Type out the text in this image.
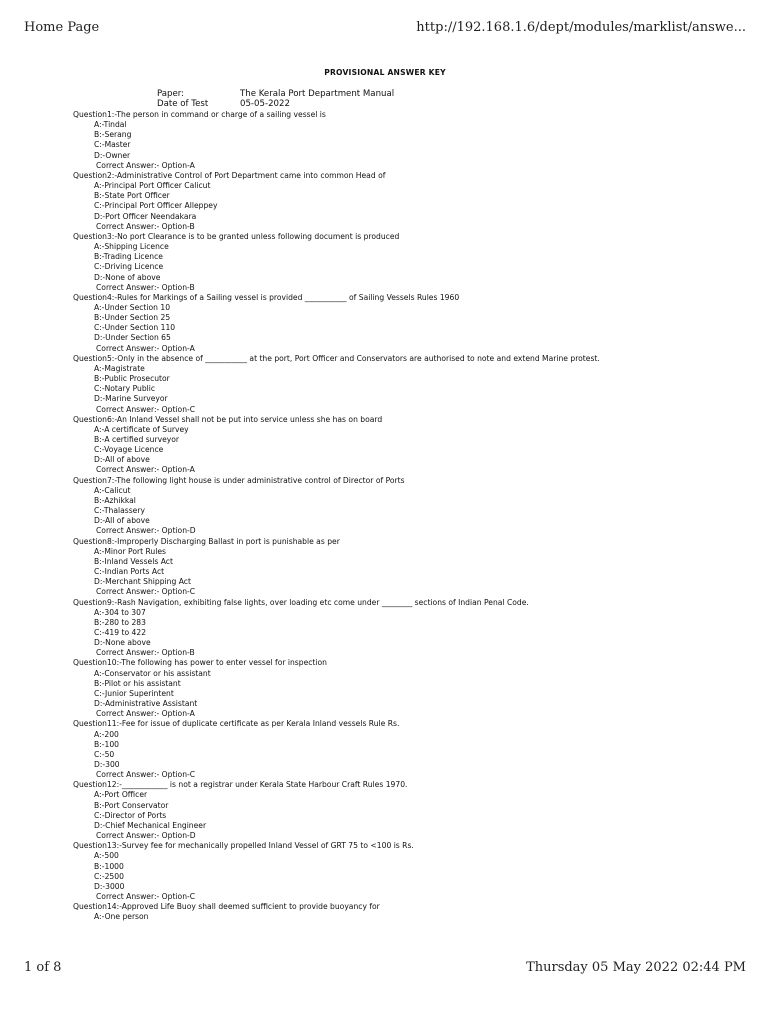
Home Page	http://192.168.1.6/dept/modules/marklist/answe...
PROVISIONAL ANSWER KEY
Paper:	The Kerala Port Department Manual
Date of Test	05-05-2022
Question1:-The person in command or charge of a sailing vessel is
A:-Tindal
B:-Serang
C:-Master
D:-Owner
Correct Answer:- Option-A
Question2:-Administrative Control of Port Department came into common Head of
A:-Principal Port Officer Calicut
B:-State Port Officer
C:-Principal Port Officer Alleppey
D:-Port Officer Neendakara
Correct Answer:- Option-B
Question3:-No port Clearance is to be granted unless following document is produced
A:-Shipping Licence
B:-Trading Licence
C:-Driving Licence
D:-None of above
Correct Answer:- Option-B
Question4:-Rules for Markings of a Sailing vessel is provided ___________ of Sailing Vessels Rules 1960
A:-Under Section 10
B:-Under Section 25
C:-Under Section 110
D:-Under Section 65
Correct Answer:- Option-A
Question5:-Only in the absence of ___________ at the port, Port Officer and Conservators are authorised to note and extend Marine protest.
A:-Magistrate
B:-Public Prosecutor
C:-Notary Public
D:-Marine Surveyor
Correct Answer:- Option-C
Question6:-An Inland Vessel shall not be put into service unless she has on board
A:-A certificate of Survey
B:-A certified surveyor
C:-Voyage Licence
D:-All of above
Correct Answer:- Option-A
Question7:-The following light house is under administrative control of Director of Ports
A:-Calicut
B:-Azhikkal
C:-Thalassery
D:-All of above
Correct Answer:- Option-D
Question8:-Improperly Discharging Ballast in port is punishable as per
A:-Minor Port Rules
B:-Inland Vessels Act
C:-Indian Ports Act
D:-Merchant Shipping Act
Correct Answer:- Option-C
Question9:-Rash Navigation, exhibiting false lights, over loading etc come under ________ sections of Indian Penal Code.
A:-304 to 307
B:-280 to 283
C:-419 to 422
D:-None above
Correct Answer:- Option-B
Question10:-The following has power to enter vessel for inspection
A:-Conservator or his assistant
B:-Pilot or his assistant
C:-Junior Superintent
D:-Administrative Assistant
Correct Answer:- Option-A
Question11:-Fee for issue of duplicate certificate as per Kerala Inland vessels Rule Rs.
A:-200
B:-100
C:-50
D:-300
Correct Answer:- Option-C
Question12:-____________ is not a registrar under Kerala State Harbour Craft Rules 1970.
A:-Port Officer
B:-Port Conservator
C:-Director of Ports
D:-Chief Mechanical Engineer
Correct Answer:- Option-D
Question13:-Survey fee for mechanically propelled Inland Vessel of GRT 75 to <100 is Rs.
A:-500
B:-1000
C:-2500
D:-3000
Correct Answer:- Option-C
Question14:-Approved Life Buoy shall deemed sufficient to provide buoyancy for
A:-One person
1 of 8	Thursday 05 May 2022 02:44 PM
